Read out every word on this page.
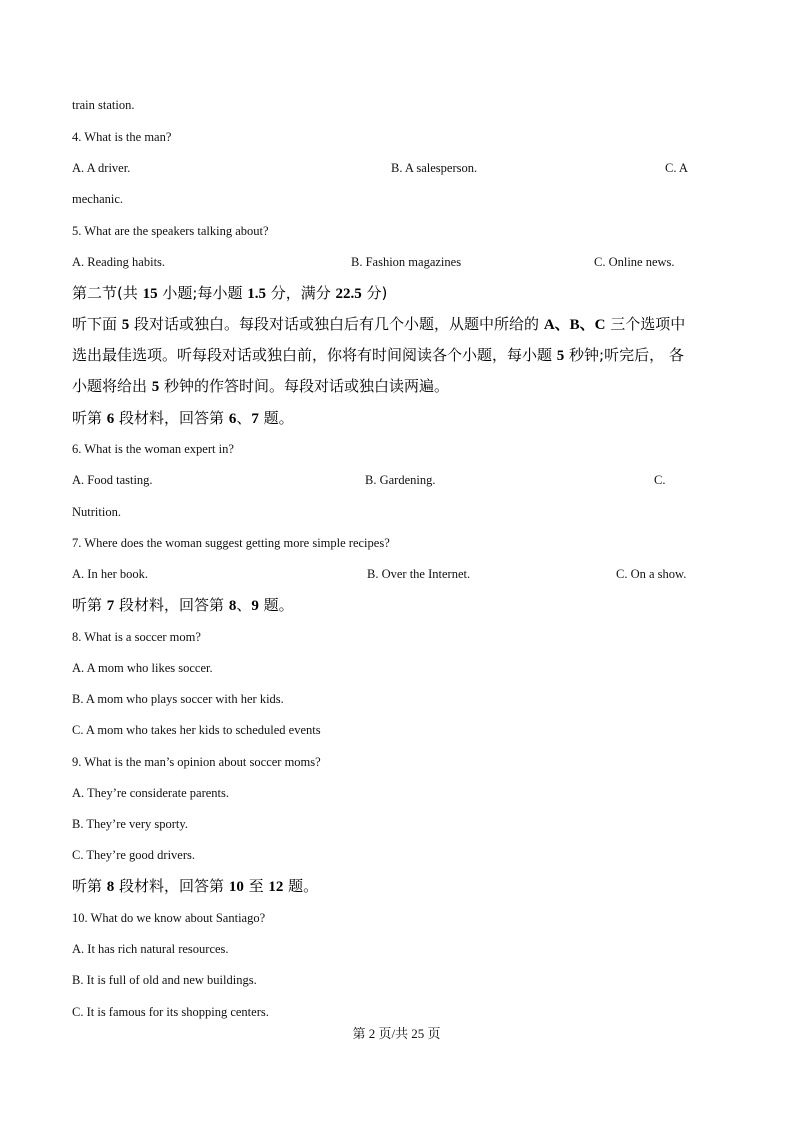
train station.
4. What is the man?
A. A driver.	B. A salesperson.	C. A
mechanic.
5. What are the speakers talking about?
A. Reading habits.	B. Fashion magazines	C. Online news.
第二节(共 15 小题;每小题 1.5 分，满分 22.5 分)
听下面 5 段对话或独白。每段对话或独白后有几个小题，从题中所给的 A、B、C 三个选项中
选出最佳选项。听每段对话或独白前，你将有时间阅读各个小题，每小题 5 秒钟;听完后， 各
小题将给出 5 秒钟的作答时间。每段对话或独白读两遍。
听第 6 段材料，回答第 6、7 题。
6. What is the woman expert in?
A. Food tasting.	B. Gardening.	C.
Nutrition.
7. Where does the woman suggest getting more simple recipes?
A. In her book.	B. Over the Internet.	C. On a show.
听第 7 段材料，回答第 8、9 题。
8. What is a soccer mom?
A. A mom who likes soccer.
B. A mom who plays soccer with her kids.
C. A mom who takes her kids to scheduled events
9. What is the man’s opinion about soccer moms?
A. They’re considerate parents.
B. They’re very sporty.
C. They’re good drivers.
听第 8 段材料，回答第 10 至 12 题。
10. What do we know about Santiago?
A. It has rich natural resources.
B. It is full of old and new buildings.
C. It is famous for its shopping centers.
第 2 页/共 25 页
